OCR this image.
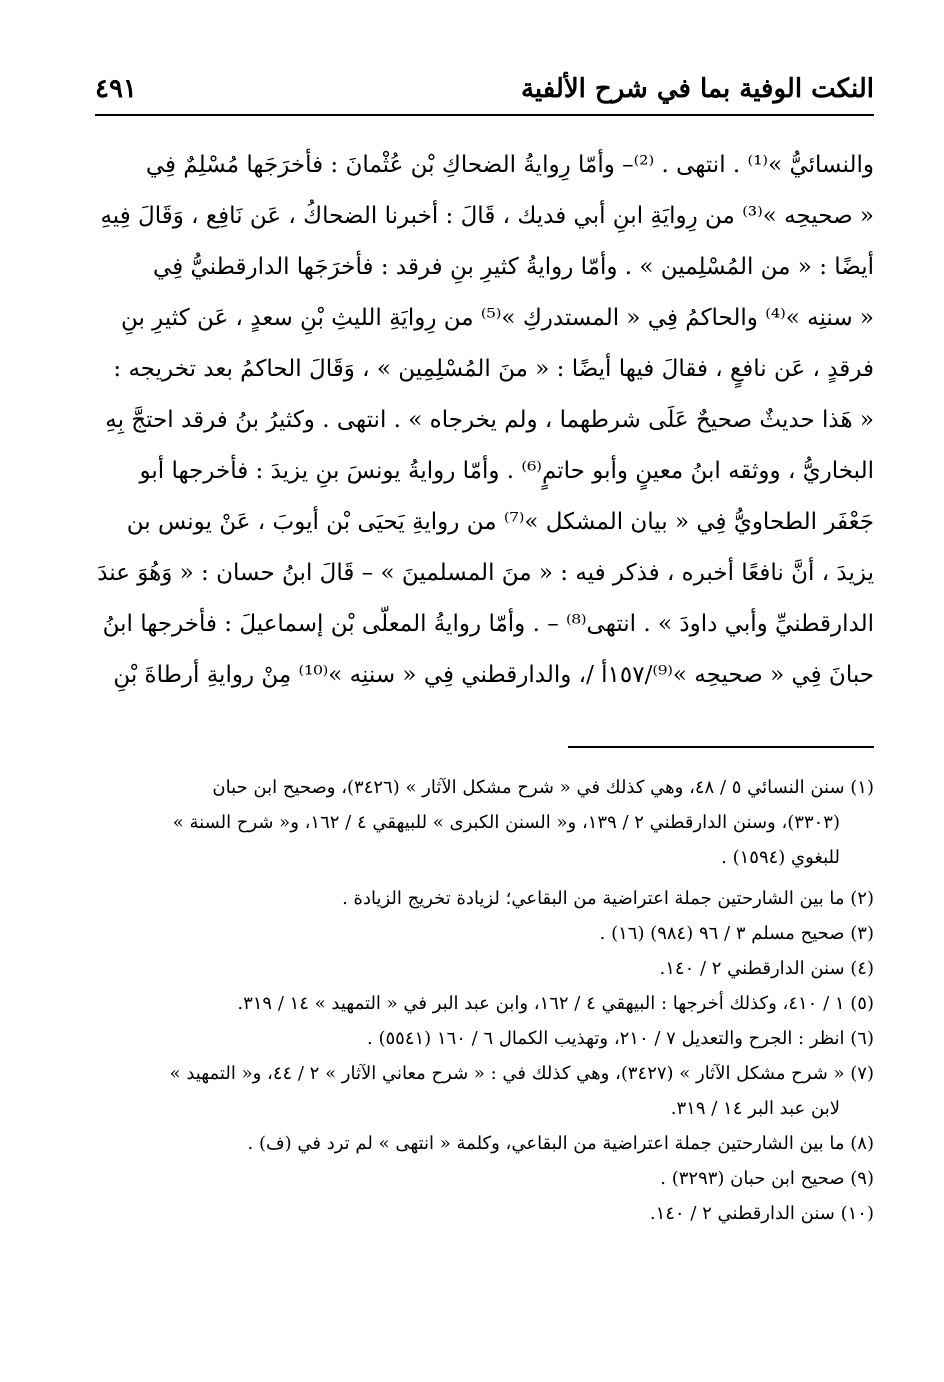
النكت الوفية بما في شرح الألفية
٤٩١
والنسائيُّ »⁽¹⁾ . انتهى . ⁽²⁾– وأمّا رِوايةُ الضحاكِ بْن عُثْمانَ : فأخرَجَها مُسْلِمٌ فِي
« صحيحِه »⁽³⁾ من رِوايَةِ ابنِ أبي فديك ، قَالَ : أخبرنا الضحاكُ ، عَن نَافِع ، وَقَالَ فِيهِ
أيضًا : « من المُسْلِمين » . وأمّا روايةُ كثيرِ بنِ فرقد : فأخرَجَها الدارقطنيُّ فِي
« سننِه »⁽⁴⁾ والحاكمُ فِي « المستدركِ »⁽⁵⁾ من رِوايَةِ الليثِ بْنِ سعدٍ ، عَن كثيرِ بنِ
فرقدٍ ، عَن نافعٍ ، فقالَ فيها أيضًا : « منَ المُسْلِمِين » ، وَقَالَ الحاكمُ بعد تخريجه :
« هَذا حديثٌ صحيحٌ عَلَى شرطهما ، ولم يخرجاه » . انتهى . وكثيرُ بنُ فرقد احتجَّ بِهِ
البخاريُّ ، ووثقه ابنُ معينٍ وأبو حاتمٍ⁽⁶⁾ . وأمّا روايةُ يونسَ بنِ يزيدَ : فأخرجها أبو
جَعْفَر الطحاويُّ فِي « بيان المشكل »⁽⁷⁾ من روايةِ يَحيَى بْن أيوبَ ، عَنْ يونس بن
يزيدَ ، أنَّ نافعًا أخبره ، فذكر فيه : « منَ المسلمينَ » – قَالَ ابنُ حسان : « وَهُوَ عندَ
الدارقطنيِّ وأبي داودَ » . انتهى⁽⁸⁾ – . وأمّا روايةُ المعلّى بْن إسماعيلَ : فأخرجها ابنُ
حبانَ فِي « صحيحِه »⁽⁹⁾/١٥٧أ /، والدارقطني فِي « سننِه »⁽¹⁰⁾ مِنْ روايةِ أرطاةَ بْنِ
(١) سنن النسائي ٥ / ٤٨، وهي كذلك في « شرح مشكل الآثار » (٣٤٢٦)، وصحيح ابن حبان
(٣٣٠٣)، وسنن الدارقطني ٢ / ١٣٩، و« السنن الكبرى » للبيهقي ٤ / ١٦٢، و« شرح السنة »
للبغوي (١٥٩٤) .
(٢) ما بين الشارحتين جملة اعتراضية من البقاعي؛ لزيادة تخريج الزيادة .
(٣) صحيح مسلم ٣ / ٩٦ (٩٨٤) (١٦) .
(٤) سنن الدارقطني ٢ / ١٤٠.
(٥) ١ / ٤١٠، وكذلك أخرجها : البيهقي ٤ / ١٦٢، وابن عبد البر في « التمهيد » ١٤ / ٣١٩.
(٦) انظر : الجرح والتعديل ٧ / ٢١٠، وتهذيب الكمال ٦ / ١٦٠ (٥٥٤١) .
(٧) « شرح مشكل الآثار » (٣٤٢٧)، وهي كذلك في : « شرح معاني الآثار » ٢ / ٤٤، و« التمهيد »
لابن عبد البر ١٤ / ٣١٩.
(٨) ما بين الشارحتين جملة اعتراضية من البقاعي، وكلمة « انتهى » لم ترد في (ف) .
(٩) صحيح ابن حبان (٣٢٩٣) .
(١٠) سنن الدارقطني ٢ / ١٤٠.
